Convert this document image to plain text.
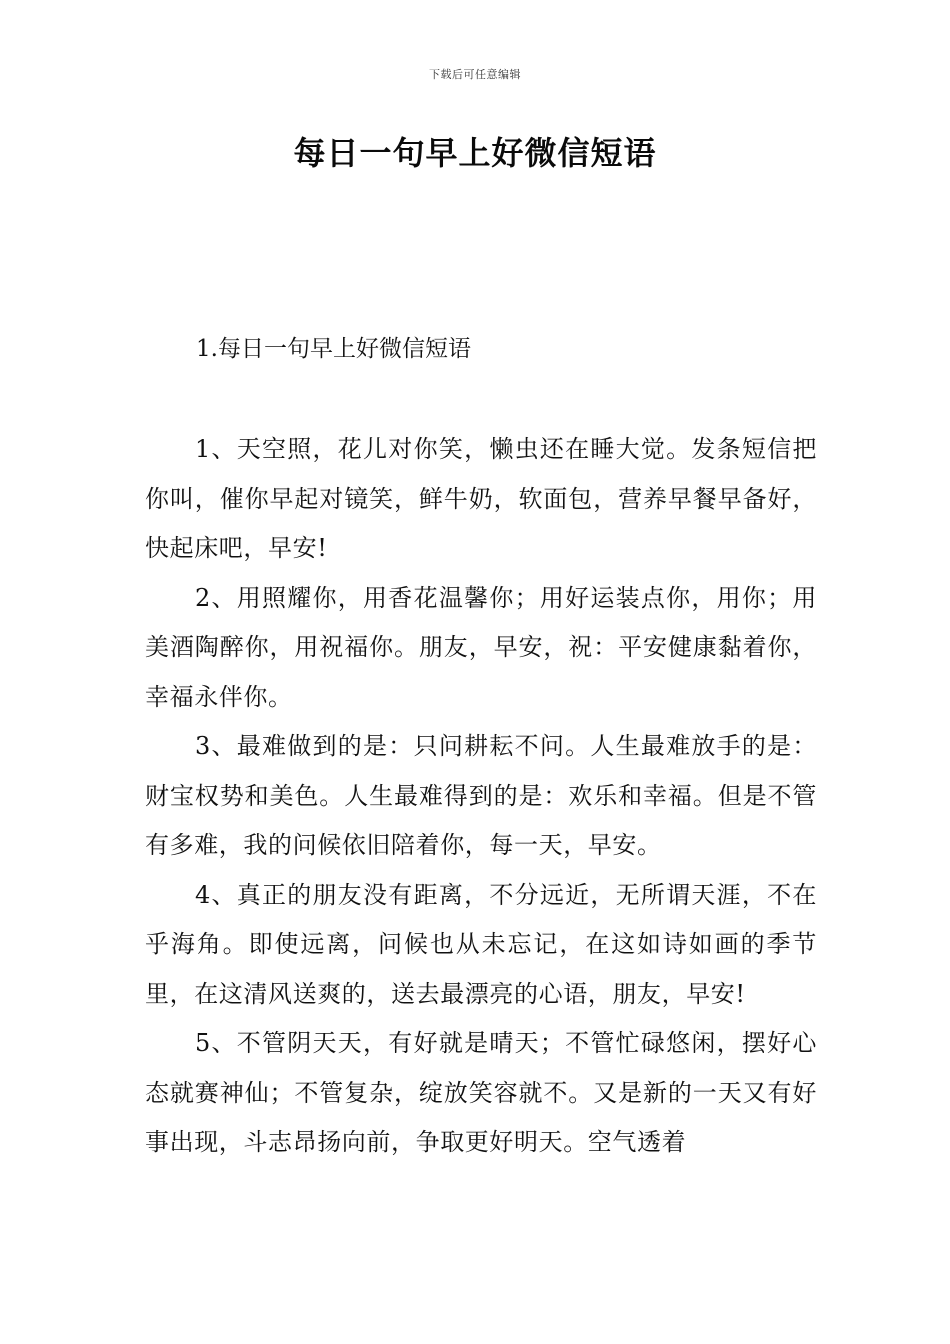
下载后可任意编辑
每日一句早上好微信短语
1.每日一句早上好微信短语

1、天空照，花儿对你笑，懒虫还在睡大觉。发条短信把你叫，催你早起对镜笑，鲜牛奶，软面包，营养早餐早备好，快起床吧，早安!

2、用照耀你，用香花温馨你；用好运装点你，用你；用美酒陶醉你，用祝福你。朋友，早安，祝：平安健康黏着你，幸福永伴你。

3、最难做到的是：只问耕耘不问。人生最难放手的是：财宝权势和美色。人生最难得到的是：欢乐和幸福。但是不管有多难，我的问候依旧陪着你，每一天，早安。

4、真正的朋友没有距离，不分远近，无所谓天涯，不在乎海角。即使远离，问候也从未忘记，在这如诗如画的季节里，在这清风送爽的，送去最漂亮的心语，朋友，早安!

5、不管阴天天，有好就是晴天；不管忙碌悠闲，摆好心态就赛神仙；不管复杂，绽放笑容就不。又是新的一天又有好事出现，斗志昂扬向前，争取更好明天。空气透着
